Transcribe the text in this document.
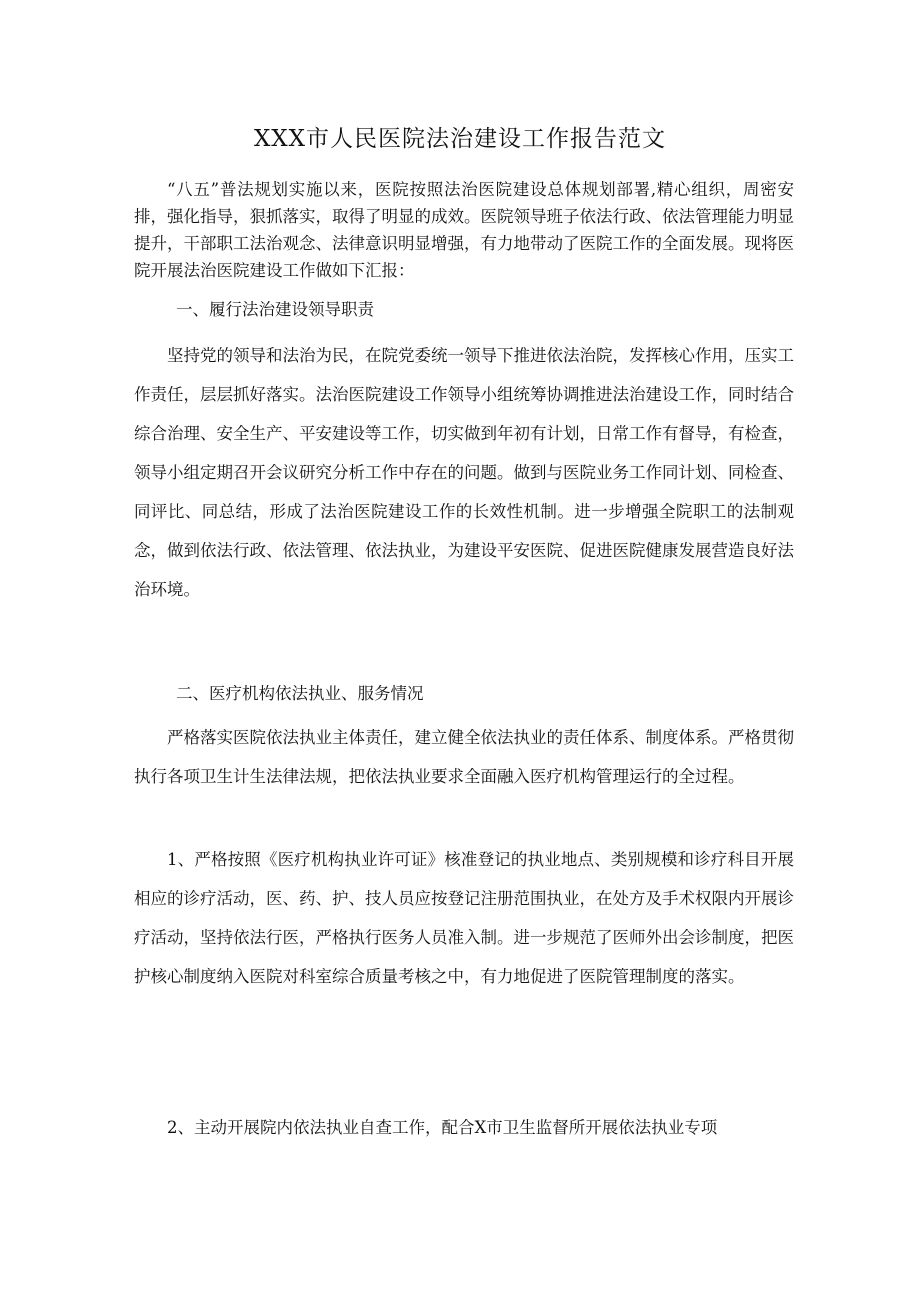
XXX市人民医院法治建设工作报告范文

“八五”普法规划实施以来，医院按照法治医院建设总体规划部署,精心组织，周密安排，强化指导，狠抓落实，取得了明显的成效。医院领导班子依法行政、依法管理能力明显提升，干部职工法治观念、法律意识明显增强，有力地带动了医院工作的全面发展。现将医院开展法治医院建设工作做如下汇报：

一、履行法治建设领导职责

坚持党的领导和法治为民，在院党委统一领导下推进依法治院，发挥核心作用，压实工作责任，层层抓好落实。法治医院建设工作领导小组统筹协调推进法治建设工作，同时结合综合治理、安全生产、平安建设等工作，切实做到年初有计划，日常工作有督导，有检查，领导小组定期召开会议研究分析工作中存在的问题。做到与医院业务工作同计划、同检查、同评比、同总结，形成了法治医院建设工作的长效性机制。进一步增强全院职工的法制观念，做到依法行政、依法管理、依法执业，为建设平安医院、促进医院健康发展营造良好法治环境。

二、医疗机构依法执业、服务情况

严格落实医院依法执业主体责任，建立健全依法执业的责任体系、制度体系。严格贯彻执行各项卫生计生法律法规，把依法执业要求全面融入医疗机构管理运行的全过程。

1、严格按照《医疗机构执业许可证》核准登记的执业地点、类别规模和诊疗科目开展相应的诊疗活动，医、药、护、技人员应按登记注册范围执业，在处方及手术权限内开展诊疗活动，坚持依法行医，严格执行医务人员准入制。进一步规范了医师外出会诊制度，把医护核心制度纳入医院对科室综合质量考核之中，有力地促进了医院管理制度的落实。

2、主动开展院内依法执业自查工作，配合X市卫生监督所开展依法执业专项
